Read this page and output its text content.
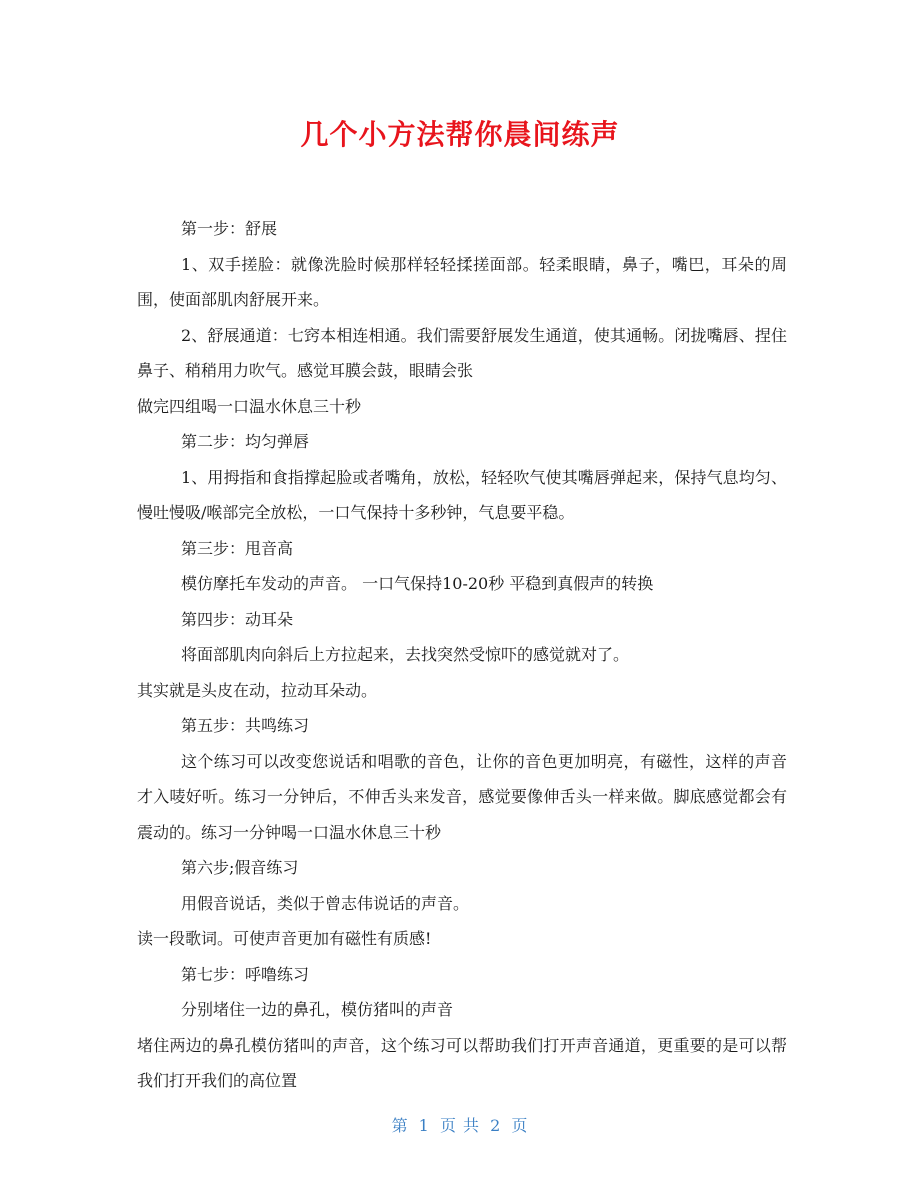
几个小方法帮你晨间练声

第一步：舒展

1、双手搓脸：就像洗脸时候那样轻轻揉搓面部。轻柔眼睛，鼻子，嘴巴，耳朵的周围，使面部肌肉舒展开来。

2、舒展通道：七窍本相连相通。我们需要舒展发生通道，使其通畅。闭拢嘴唇、捏住鼻子、稍稍用力吹气。感觉耳膜会鼓，眼睛会张

做完四组喝一口温水休息三十秒

第二步：均匀弹唇

1、用拇指和食指撑起脸或者嘴角，放松，轻轻吹气使其嘴唇弹起来，保持气息均匀、慢吐慢吸/喉部完全放松，一口气保持十多秒钟，气息要平稳。

第三步：甩音高

模仿摩托车发动的声音。 一口气保持10-20秒 平稳到真假声的转换

第四步：动耳朵

将面部肌肉向斜后上方拉起来，去找突然受惊吓的感觉就对了。

其实就是头皮在动，拉动耳朵动。

第五步：共鸣练习

这个练习可以改变您说话和唱歌的音色，让你的音色更加明亮，有磁性，这样的声音才入唛好听。练习一分钟后，不伸舌头来发音，感觉要像伸舌头一样来做。脚底感觉都会有震动的。练习一分钟喝一口温水休息三十秒

第六步;假音练习

用假音说话，类似于曾志伟说话的声音。

读一段歌词。可使声音更加有磁性有质感!

第七步：呼噜练习

分别堵住一边的鼻孔，模仿猪叫的声音

堵住两边的鼻孔模仿猪叫的声音，这个练习可以帮助我们打开声音通道，更重要的是可以帮我们打开我们的高位置

第 1 页 共 2 页
